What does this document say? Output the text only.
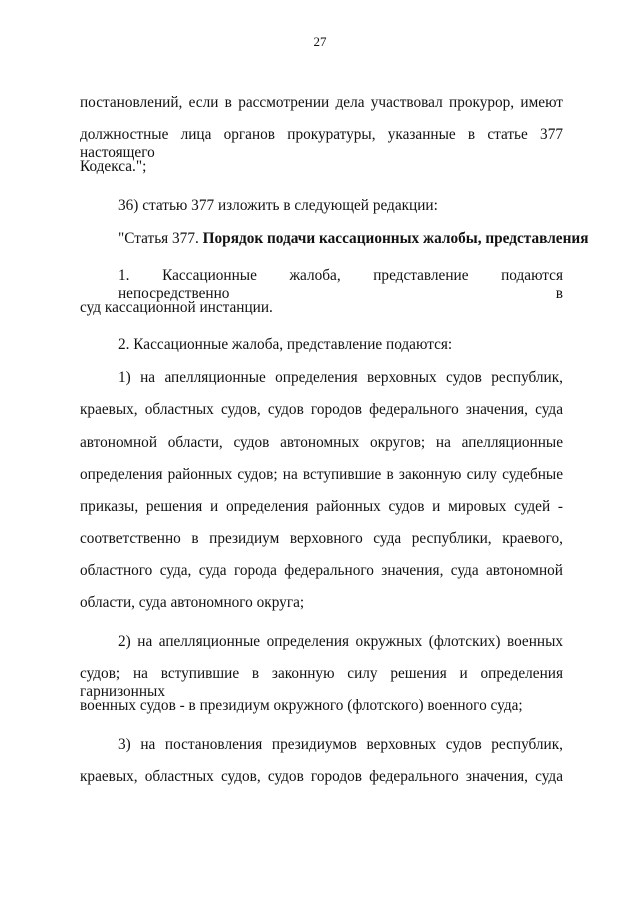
27
постановлений, если в рассмотрении дела участвовал прокурор, имеют
должностные лица органов прокуратуры, указанные в статье 377 настоящего
Кодекса.";
36) статью 377 изложить в следующей редакции:
"Статья 377. Порядок подачи кассационных жалобы, представления
1. Кассационные жалоба, представление подаются непосредственно в
суд кассационной инстанции.
2. Кассационные жалоба, представление подаются:
1) на апелляционные определения верховных судов республик,
краевых, областных судов, судов городов федерального значения, суда
автономной области, судов автономных округов; на апелляционные
определения районных судов; на вступившие в законную силу судебные
приказы, решения и определения районных судов и мировых судей -
соответственно в президиум верховного суда республики, краевого,
областного суда, суда города федерального значения, суда автономной
области, суда автономного округа;
2) на апелляционные определения окружных (флотских) военных
судов; на вступившие в законную силу решения и определения гарнизонных
военных судов - в президиум окружного (флотского) военного суда;
3) на постановления президиумов верховных судов республик,
краевых, областных судов, судов городов федерального значения, суда
